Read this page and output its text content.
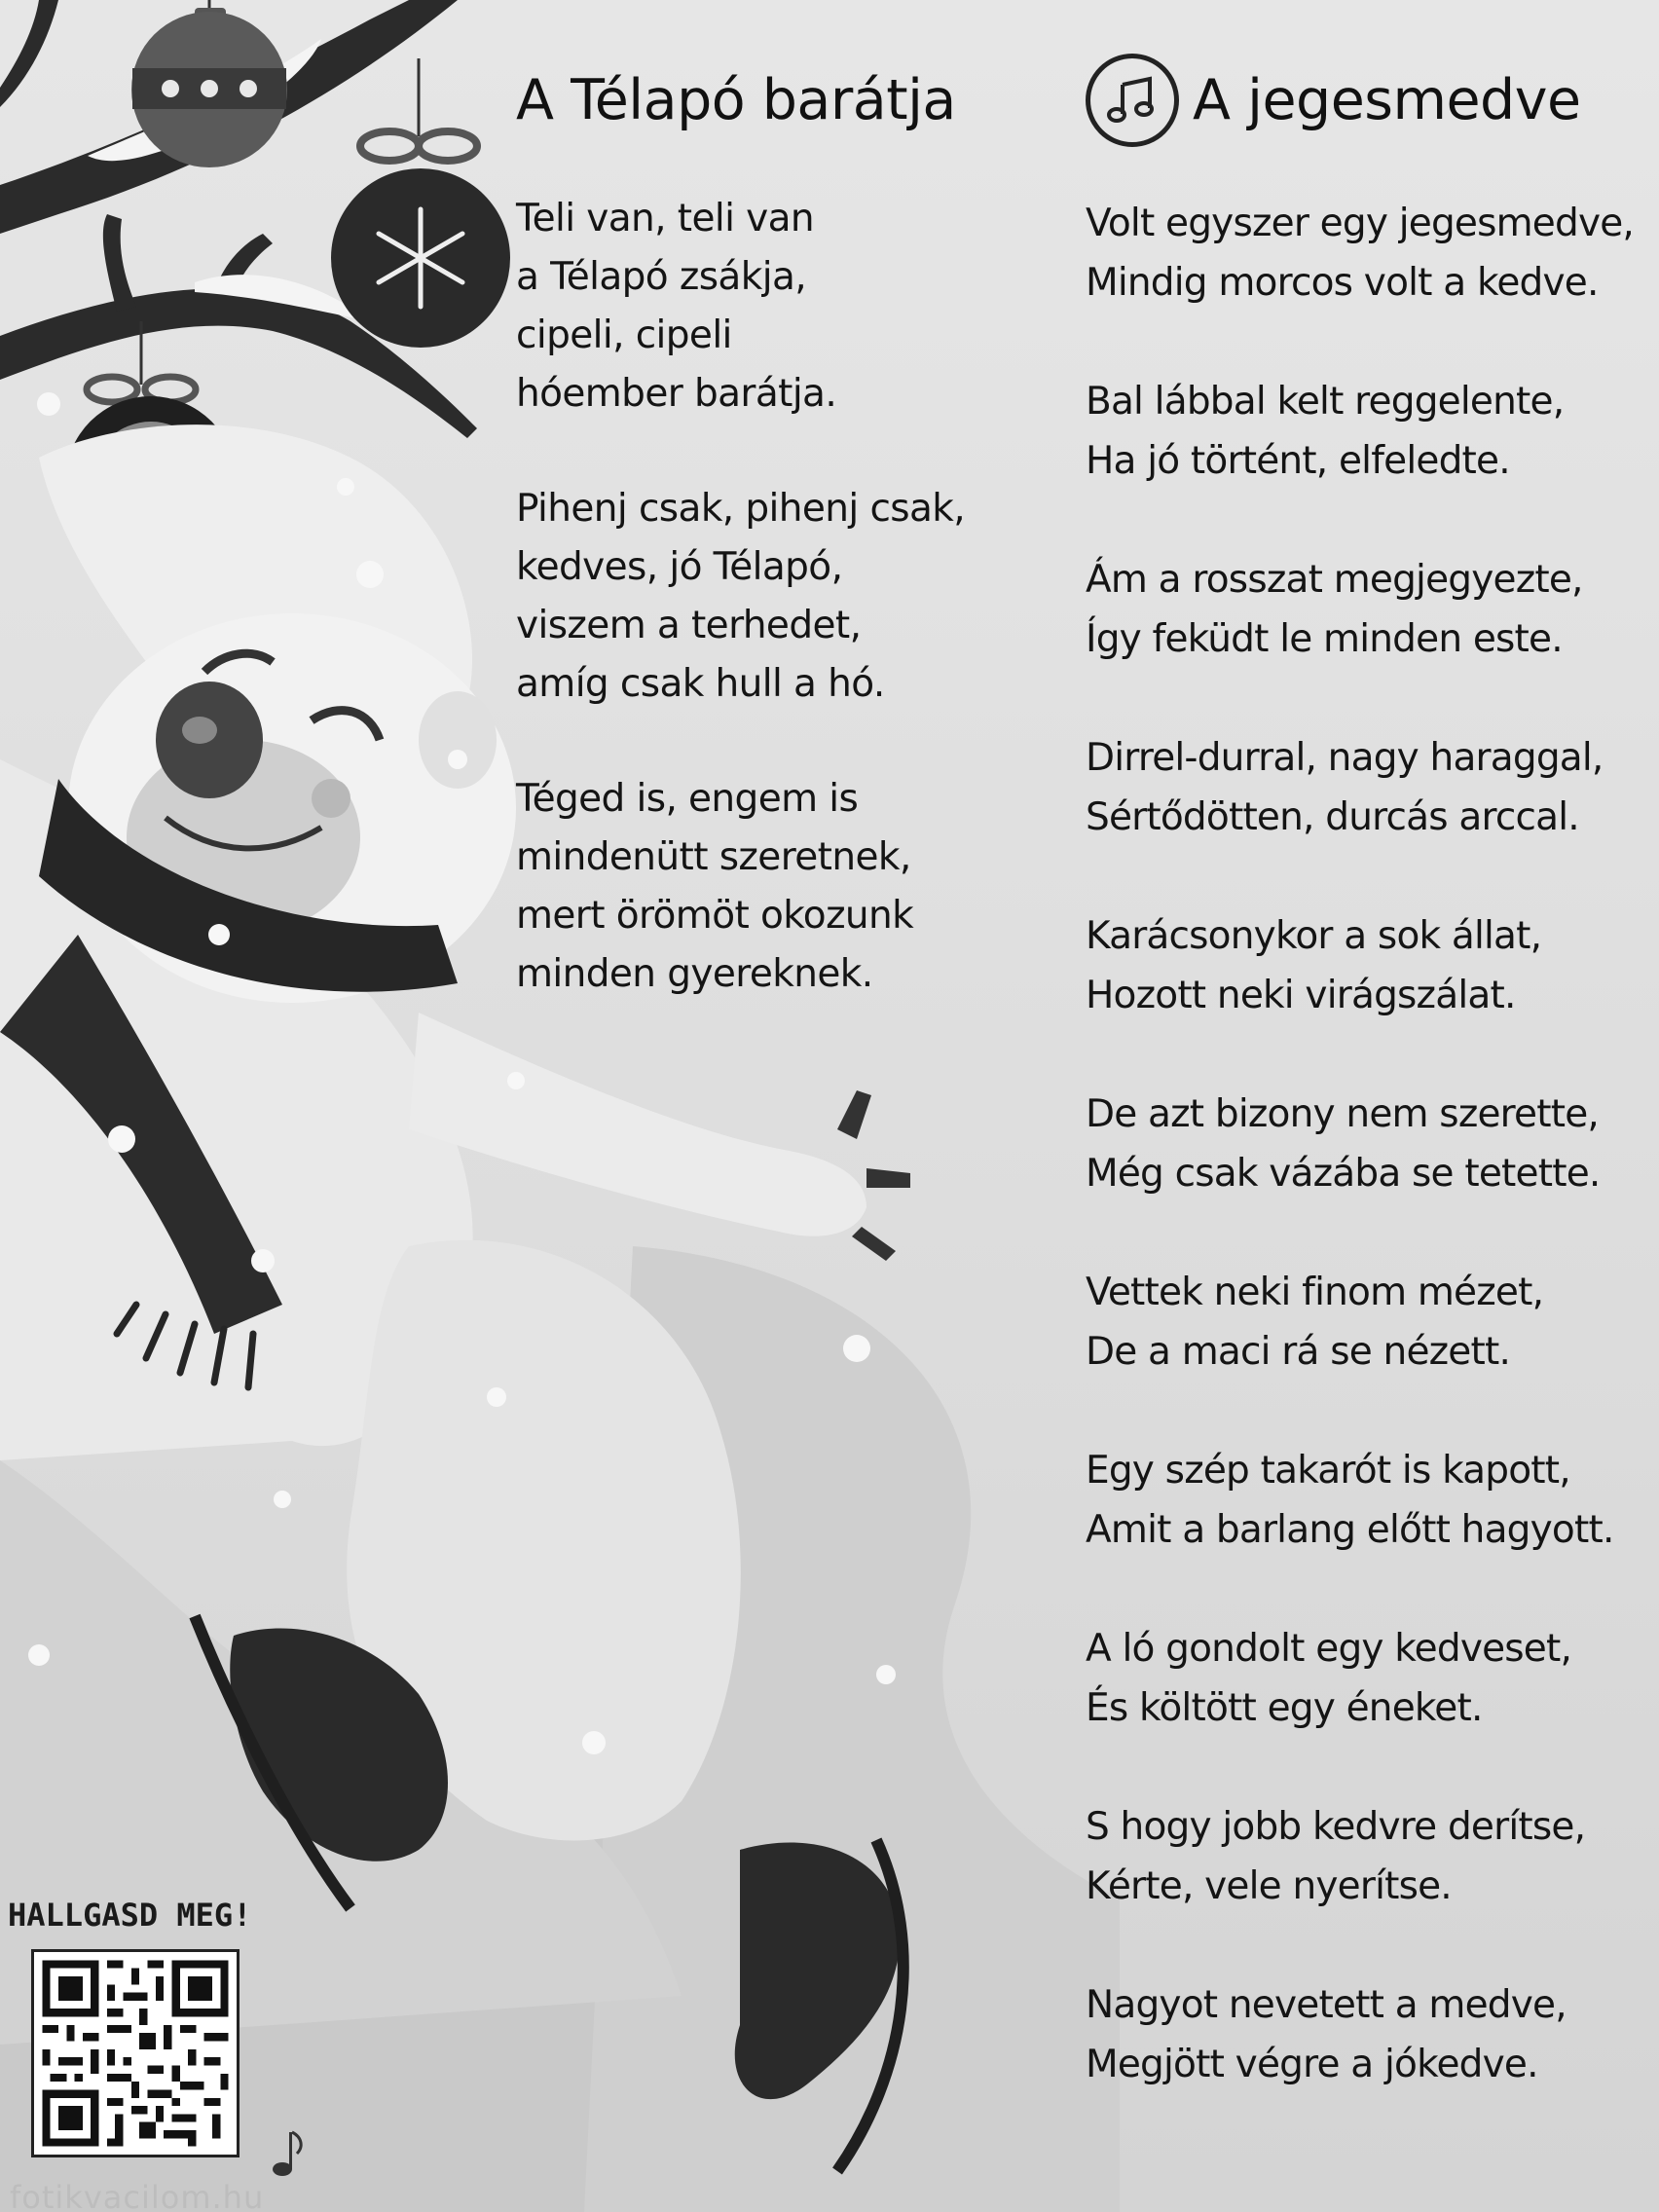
A Télapó barátja
Teli van, teli van
a Télapó zsákja,
cipeli, cipeli
hóember barátja.
Pihenj csak, pihenj csak,
kedves, jó Télapó,
viszem a terhedet,
amíg csak hull a hó.
Téged is, engem is
mindenütt szeretnek,
mert örömöt okozunk
minden gyereknek.
A jegesmedve
Volt egyszer egy jegesmedve,
Mindig morcos volt a kedve.
Bal lábbal kelt reggelente,
Ha jó történt, elfeledte.
Ám a rosszat megjegyezte,
Így feküdt le minden este.
Dirrel-durral, nagy haraggal,
Sértődötten, durcás arccal.
Karácsonykor a sok állat,
Hozott neki virágszálat.
De azt bizony nem szerette,
Még csak vázába se tetette.
Vettek neki finom mézet,
De a maci rá se nézett.
Egy szép takarót is kapott,
Amit a barlang előtt hagyott.
A ló gondolt egy kedveset,
És költött egy éneket.
S hogy jobb kedvre derítse,
Kérte, vele nyerítse.
Nagyot nevetett a medve,
Megjött végre a jókedve.
HALLGASD MEG!
fotikvacilom.hu
